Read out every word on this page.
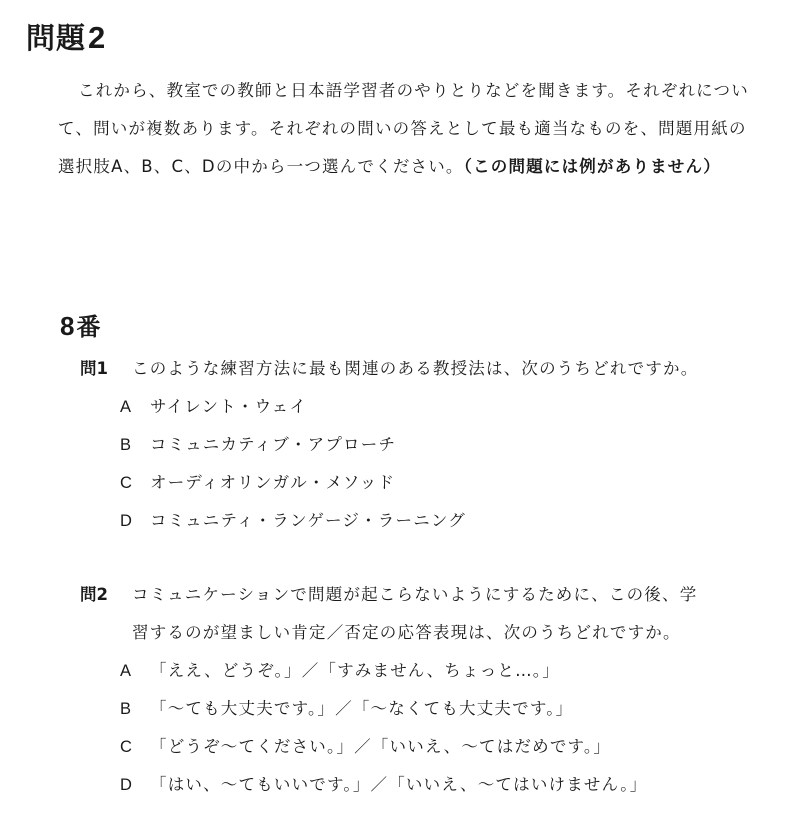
問題2
これから、教室での教師と日本語学習者のやりとりなどを聞きます。それぞれについて、問いが複数あります。それぞれの問いの答えとして最も適当なものを、問題用紙の選択肢A、B、C、Dの中から一つ選んでください。（この問題には例がありません）
8番
問1 このような練習方法に最も関連のある教授法は、次のうちどれですか。
A サイレント・ウェイ
B コミュニカティブ・アプローチ
C オーディオリンガル・メソッド
D コミュニティ・ランゲージ・ラーニング
問2 コミュニケーションで問題が起こらないようにするために、この後、学
習するのが望ましい肯定／否定の応答表現は、次のうちどれですか。
A 「ええ、どうぞ。」／「すみません、ちょっと…。」
B 「～ても大丈夫です。」／「～なくても大丈夫です。」
C 「どうぞ～てください。」／「いいえ、～てはだめです。」
D 「はい、～てもいいです。」／「いいえ、～てはいけません。」
